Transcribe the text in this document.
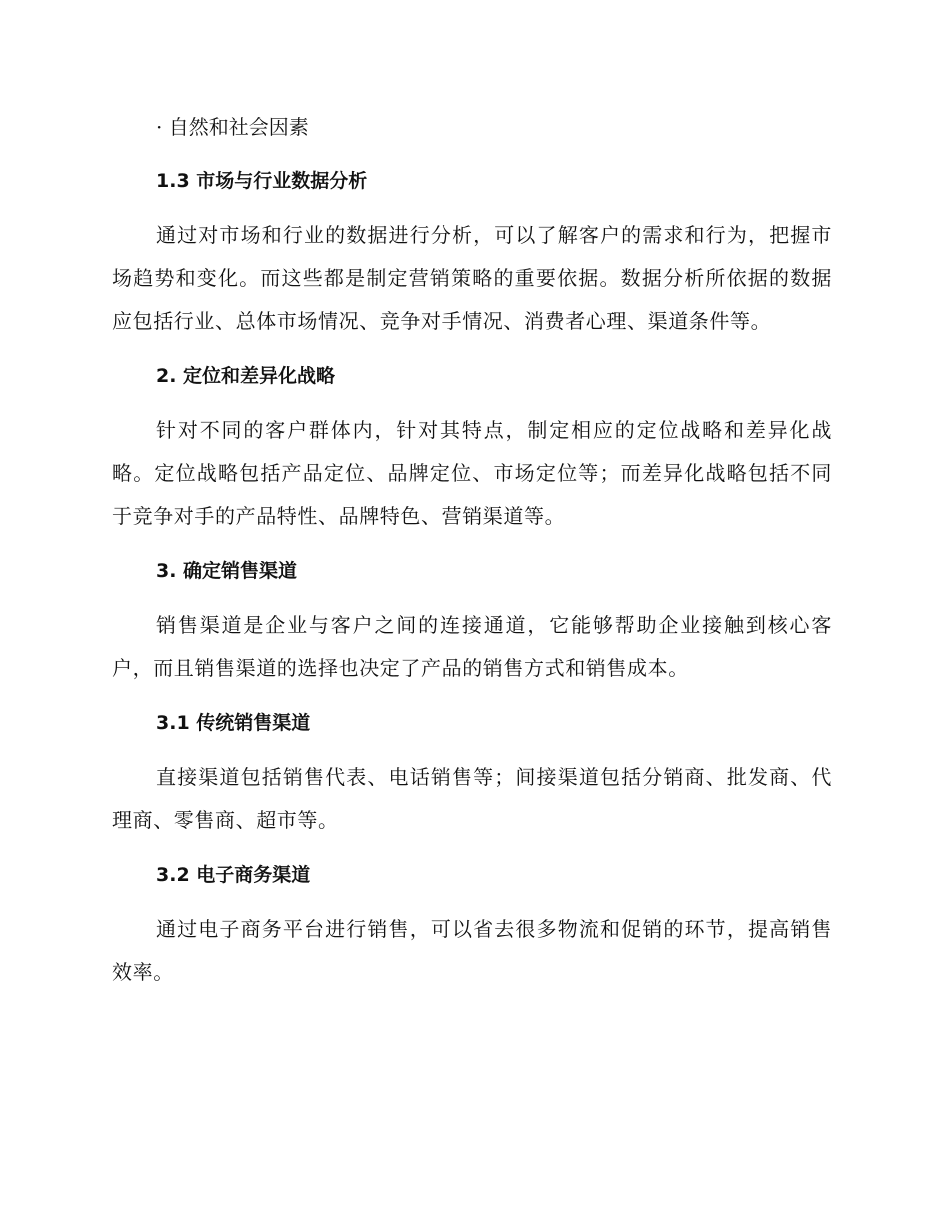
· 自然和社会因素

1.3 市场与行业数据分析

通过对市场和行业的数据进行分析，可以了解客户的需求和行为，把握市场趋势和变化。而这些都是制定营销策略的重要依据。数据分析所依据的数据应包括行业、总体市场情况、竞争对手情况、消费者心理、渠道条件等。

2. 定位和差异化战略

针对不同的客户群体内，针对其特点，制定相应的定位战略和差异化战略。定位战略包括产品定位、品牌定位、市场定位等；而差异化战略包括不同于竞争对手的产品特性、品牌特色、营销渠道等。

3. 确定销售渠道

销售渠道是企业与客户之间的连接通道，它能够帮助企业接触到核心客户，而且销售渠道的选择也决定了产品的销售方式和销售成本。

3.1 传统销售渠道

直接渠道包括销售代表、电话销售等；间接渠道包括分销商、批发商、代理商、零售商、超市等。

3.2 电子商务渠道

通过电子商务平台进行销售，可以省去很多物流和促销的环节，提高销售效率。
